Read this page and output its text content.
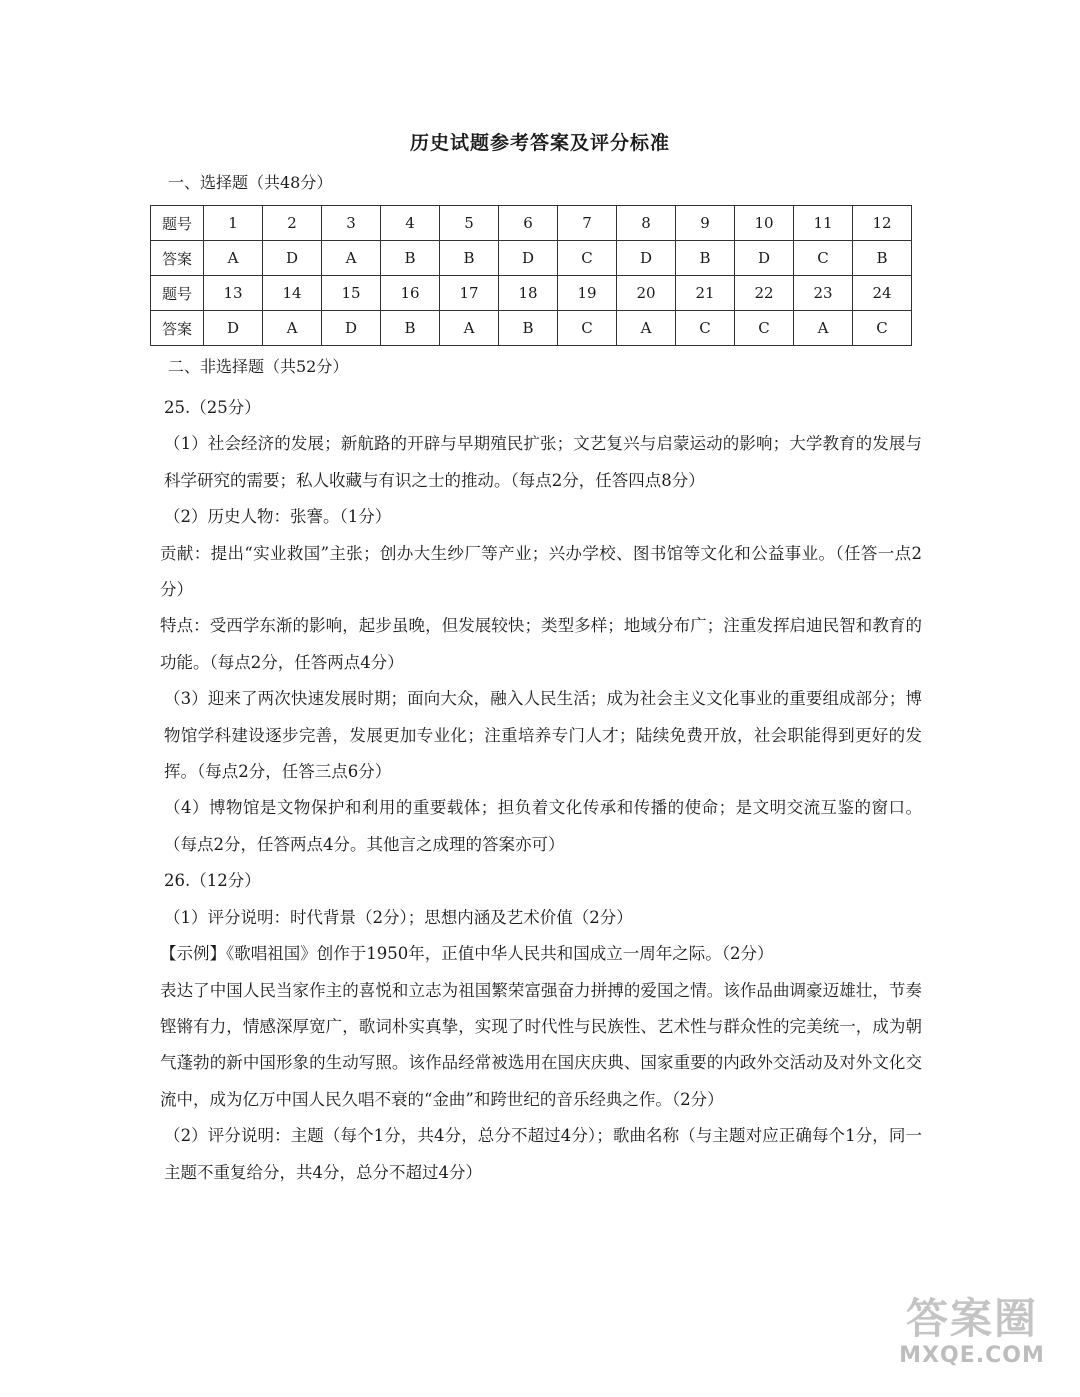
历史试题参考答案及评分标准
一、选择题（共48分）
题号	1	2	3	4	5	6	7	8	9	10	11	12
答案	A	D	A	B	B	D	C	D	B	D	C	B
题号	13	14	15	16	17	18	19	20	21	22	23	24
答案	D	A	D	B	A	B	C	A	C	C	A	C
二、非选择题（共52分）

25.（25分）

（1）社会经济的发展；新航路的开辟与早期殖民扩张；文艺复兴与启蒙运动的影响；大学教育的发展与科学研究的需要；私人收藏与有识之士的推动。（每点2分，任答四点8分）

（2）历史人物：张謇。（1分）

贡献：提出“实业救国”主张；创办大生纱厂等产业；兴办学校、图书馆等文化和公益事业。（任答一点2分）

特点：受西学东渐的影响，起步虽晚，但发展较快；类型多样；地域分布广；注重发挥启迪民智和教育的功能。（每点2分，任答两点4分）

（3）迎来了两次快速发展时期；面向大众，融入人民生活；成为社会主义文化事业的重要组成部分；博物馆学科建设逐步完善，发展更加专业化；注重培养专门人才；陆续免费开放，社会职能得到更好的发挥。（每点2分，任答三点6分）

（4）博物馆是文物保护和利用的重要载体；担负着文化传承和传播的使命；是文明交流互鉴的窗口。（每点2分，任答两点4分。其他言之成理的答案亦可）

26.（12分）

（1）评分说明：时代背景（2分）；思想内涵及艺术价值（2分）

【示例】《歌唱祖国》创作于1950年，正值中华人民共和国成立一周年之际。（2分）

表达了中国人民当家作主的喜悦和立志为祖国繁荣富强奋力拼搏的爱国之情。该作品曲调豪迈雄壮，节奏铿锵有力，情感深厚宽广，歌词朴实真挚，实现了时代性与民族性、艺术性与群众性的完美统一，成为朝气蓬勃的新中国形象的生动写照。该作品经常被选用在国庆庆典、国家重要的内政外交活动及对外文化交流中，成为亿万中国人民久唱不衰的“金曲”和跨世纪的音乐经典之作。（2分）

（2）评分说明：主题（每个1分，共4分，总分不超过4分）；歌曲名称（与主题对应正确每个1分，同一主题不重复给分，共4分，总分不超过4分）

答案圈
MXQE.COM
